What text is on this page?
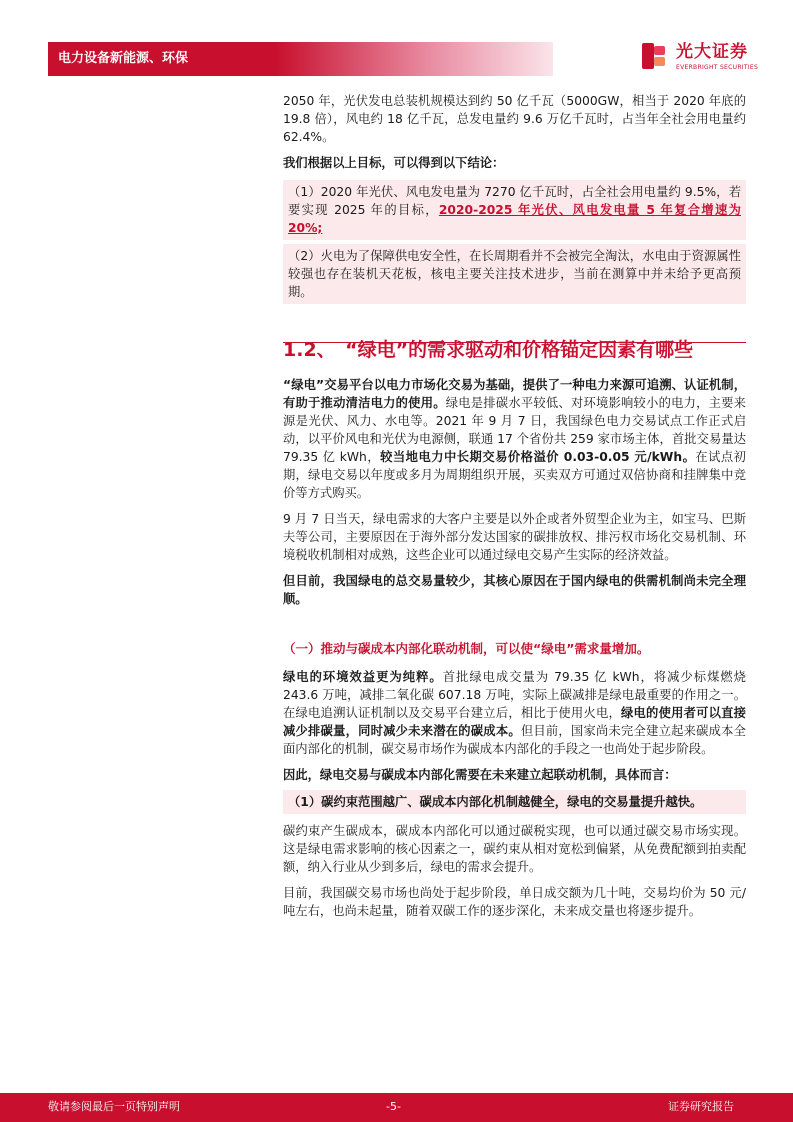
电力设备新能源、环保	光大证券
EVERBRIGHT SECURITIES

2050 年，光伏发电总装机规模达到约 50 亿千瓦（5000GW，相当于 2020 年底的 19.8 倍），风电约 18 亿千瓦，总发电量约 9.6 万亿千瓦时，占当年全社会用电量约 62.4%。

我们根据以上目标，可以得到以下结论：

（1）2020 年光伏、风电发电量为 7270 亿千瓦时，占全社会用电量约 9.5%，若要实现 2025 年的目标，2020-2025 年光伏、风电发电量 5 年复合增速为 20%;

（2）火电为了保障供电安全性，在长周期看并不会被完全淘汰，水电由于资源属性较强也存在装机天花板，核电主要关注技术进步，当前在测算中并未给予更高预期。

1.2、　“绿电”的需求驱动和价格锚定因素有哪些

“绿电”交易平台以电力市场化交易为基础，提供了一种电力来源可追溯、认证机制，有助于推动清洁电力的使用。绿电是排碳水平较低、对环境影响较小的电力，主要来源是光伏、风力、水电等。2021 年 9 月 7 日，我国绿色电力交易试点工作正式启动，以平价风电和光伏为电源侧，联通 17 个省份共 259 家市场主体，首批交易量达 79.35 亿 kWh，较当地电力中长期交易价格溢价 0.03-0.05 元/kWh。在试点初期，绿电交易以年度或多月为周期组织开展，买卖双方可通过双倍协商和挂牌集中竞价等方式购买。

9 月 7 日当天，绿电需求的大客户主要是以外企或者外贸型企业为主，如宝马、巴斯夫等公司，主要原因在于海外部分发达国家的碳排放权、排污权市场化交易机制、环境税收机制相对成熟，这些企业可以通过绿电交易产生实际的经济效益。

但目前，我国绿电的总交易量较少，其核心原因在于国内绿电的供需机制尚未完全理顺。

（一）推动与碳成本内部化联动机制，可以使“绿电”需求量增加。

绿电的环境效益更为纯粹。首批绿电成交量为 79.35 亿 kWh，将减少标煤燃烧 243.6 万吨，减排二氧化碳 607.18 万吨，实际上碳减排是绿电最重要的作用之一。在绿电追溯认证机制以及交易平台建立后，相比于使用火电，绿电的使用者可以直接减少排碳量，同时减少未来潜在的碳成本。但目前，国家尚未完全建立起来碳成本全面内部化的机制，碳交易市场作为碳成本内部化的手段之一也尚处于起步阶段。

因此，绿电交易与碳成本内部化需要在未来建立起联动机制，具体而言：

（1）碳约束范围越广、碳成本内部化机制越健全，绿电的交易量提升越快。

碳约束产生碳成本，碳成本内部化可以通过碳税实现，也可以通过碳交易市场实现。这是绿电需求影响的核心因素之一，碳约束从相对宽松到偏紧，从免费配额到拍卖配额，纳入行业从少到多后，绿电的需求会提升。

目前，我国碳交易市场也尚处于起步阶段，单日成交额为几十吨，交易均价为 50 元/吨左右，也尚未起量，随着双碳工作的逐步深化，未来成交量也将逐步提升。

敬请参阅最后一页特别声明	-5-	证券研究报告
